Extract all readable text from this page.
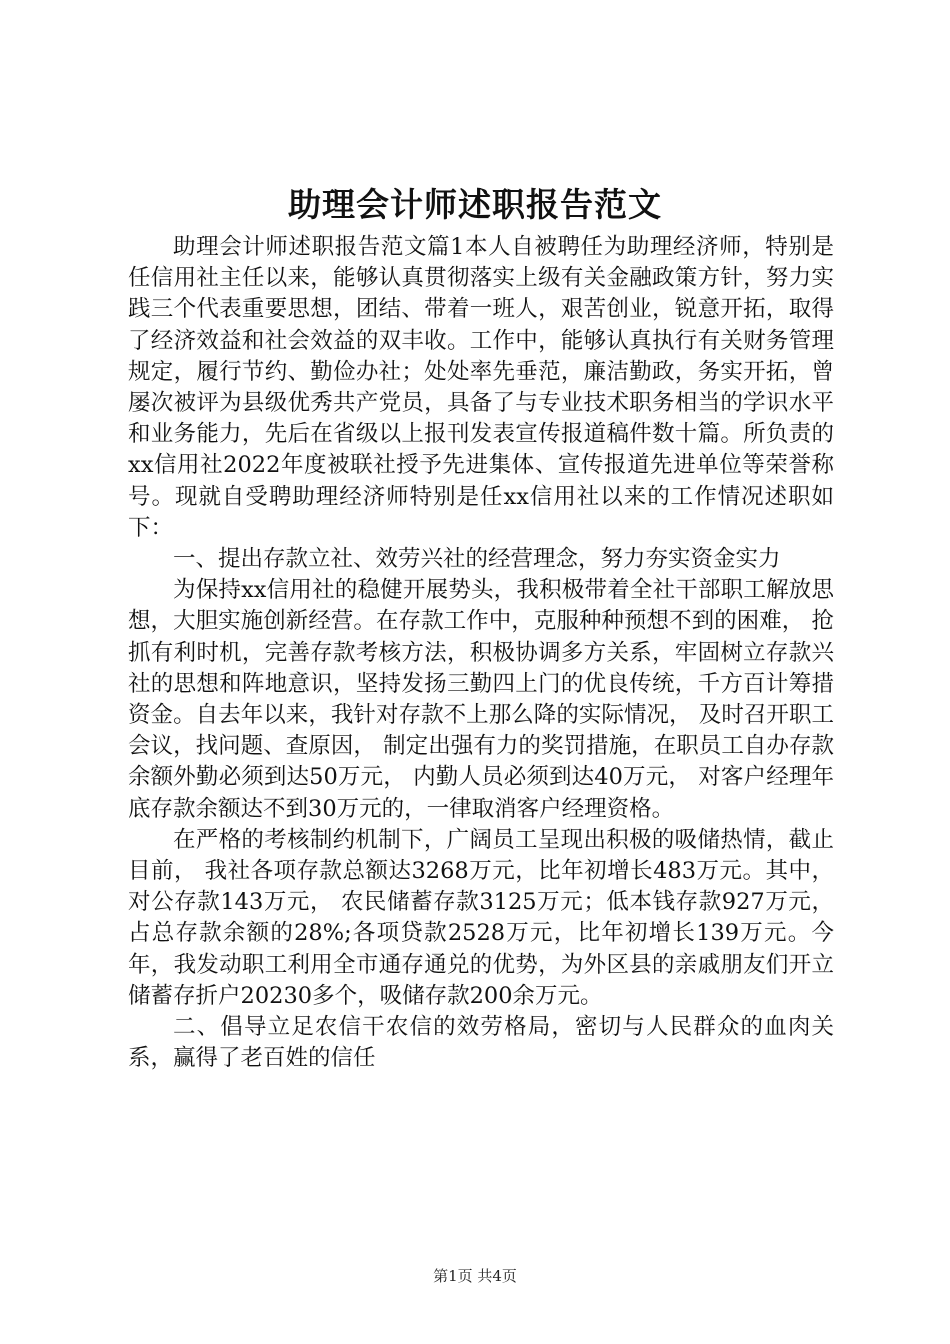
助理会计师述职报告范文

助理会计师述职报告范文篇1本人自被聘任为助理经济师，特别是任信用社主任以来，能够认真贯彻落实上级有关金融政策方针，努力实践三个代表重要思想，团结、带着一班人，艰苦创业，锐意开拓，取得了经济效益和社会效益的双丰收。工作中，能够认真执行有关财务管理规定，履行节约、勤俭办社；处处率先垂范，廉洁勤政，务实开拓，曾屡次被评为县级优秀共产党员，具备了与专业技术职务相当的学识水平和业务能力，先后在省级以上报刊发表宣传报道稿件数十篇。所负责的xx信用社2022年度被联社授予先进集体、宣传报道先进单位等荣誉称号。现就自受聘助理经济师特别是任xx信用社以来的工作情况述职如下：

一、提出存款立社、效劳兴社的经营理念，努力夯实资金实力

为保持xx信用社的稳健开展势头，我积极带着全社干部职工解放思想，大胆实施创新经营。在存款工作中，克服种种预想不到的困难， 抢抓有利时机，完善存款考核方法，积极协调多方关系，牢固树立存款兴社的思想和阵地意识，坚持发扬三勤四上门的优良传统，千方百计筹措资金。自去年以来，我针对存款不上那么降的实际情况， 及时召开职工会议，找问题、查原因， 制定出强有力的奖罚措施，在职员工自办存款余额外勤必须到达50万元， 内勤人员必须到达40万元， 对客户经理年底存款余额达不到30万元的，一律取消客户经理资格。

在严格的考核制约机制下，广阔员工呈现出积极的吸储热情，截止目前， 我社各项存款总额达3268万元，比年初增长483万元。其中，对公存款143万元， 农民储蓄存款3125万元；低本钱存款927万元，占总存款余额的28%;各项贷款2528万元，比年初增长139万元。今年，我发动职工利用全市通存通兑的优势，为外区县的亲戚朋友们开立储蓄存折户20230多个，吸储存款200余万元。

二、倡导立足农信干农信的效劳格局，密切与人民群众的血肉关系，赢得了老百姓的信任

第1页 共4页
